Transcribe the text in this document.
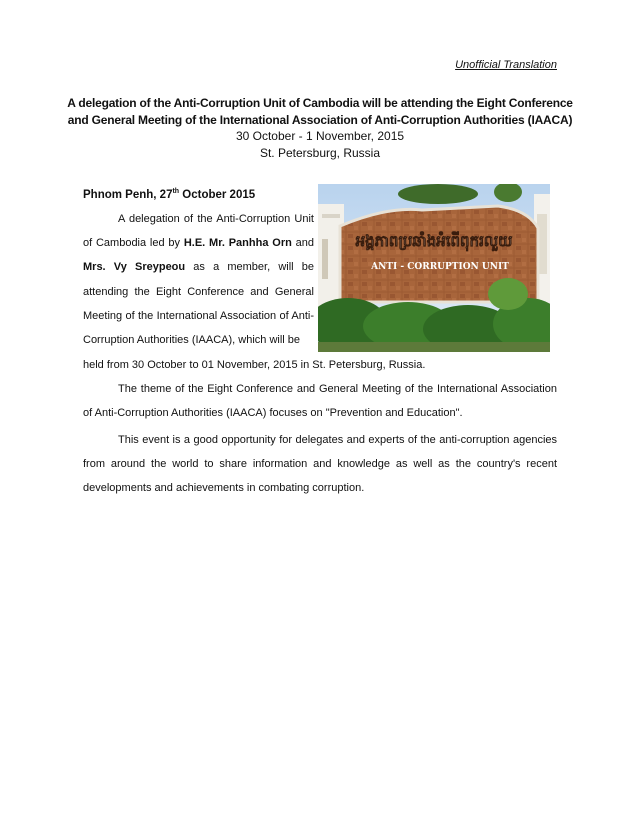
Unofficial Translation
A delegation of the Anti-Corruption Unit of Cambodia will be attending the Eight Conference
and General Meeting of the International Association of Anti-Corruption Authorities (IAACA)
30 October - 1 November, 2015
St. Petersburg, Russia
អង្គភាពប្រឆាំងអំពើពុករលួយ
ANTI - CORRUPTION UNIT
Phnom Penh, 27th October 2015
A delegation of the Anti-Corruption Unit of Cambodia led by H.E. Mr. Panhha Orn and Mrs. Vy Sreypeou as a member, will be attending the Eight Conference and General Meeting of the International Association of Anti-Corruption Authorities (IAACA), which will be
held from 30 October to 01 November, 2015 in St. Petersburg, Russia.
The theme of the Eight Conference and General Meeting of the International Association of Anti-Corruption Authorities (IAACA) focuses on "Prevention and Education".
This event is a good opportunity for delegates and experts of the anti-corruption agencies from around the world to share information and knowledge as well as the country's recent developments and achievements in combating corruption.
